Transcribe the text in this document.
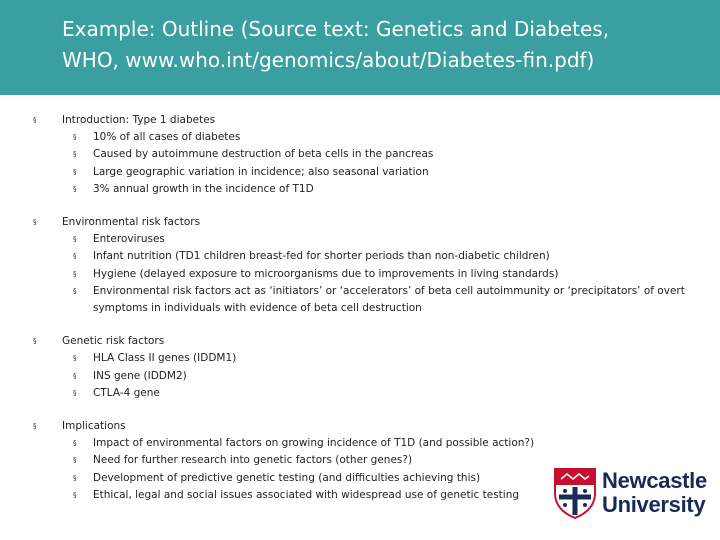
Example: Outline (Source text: Genetics and Diabetes,
WHO, www.who.int/genomics/about/Diabetes-fin.pdf)
§ Introduction: Type 1 diabetes
§ 10% of all cases of diabetes
§ Caused by autoimmune destruction of beta cells in the pancreas
§ Large geographic variation in incidence; also seasonal variation
§ 3% annual growth in the incidence of T1D
§ Environmental risk factors
§ Enteroviruses
§ Infant nutrition (TD1 children breast-fed for shorter periods than non-diabetic children)
§ Hygiene (delayed exposure to microorganisms due to improvements in living standards)
§ Environmental risk factors act as ‘initiators’ or ‘accelerators’ of beta cell autoimmunity or ‘precipitators’ of overt symptoms in individuals with evidence of beta cell destruction
§ Genetic risk factors
§ HLA Class II genes (IDDM1)
§ INS gene (IDDM2)
§ CTLA-4 gene
§ Implications
§ Impact of environmental factors on growing incidence of T1D (and possible action?)
§ Need for further research into genetic factors (other genes?)
§ Development of predictive genetic testing (and difficulties achieving this)
§ Ethical, legal and social issues associated with widespread use of genetic testing
Newcastle
University
